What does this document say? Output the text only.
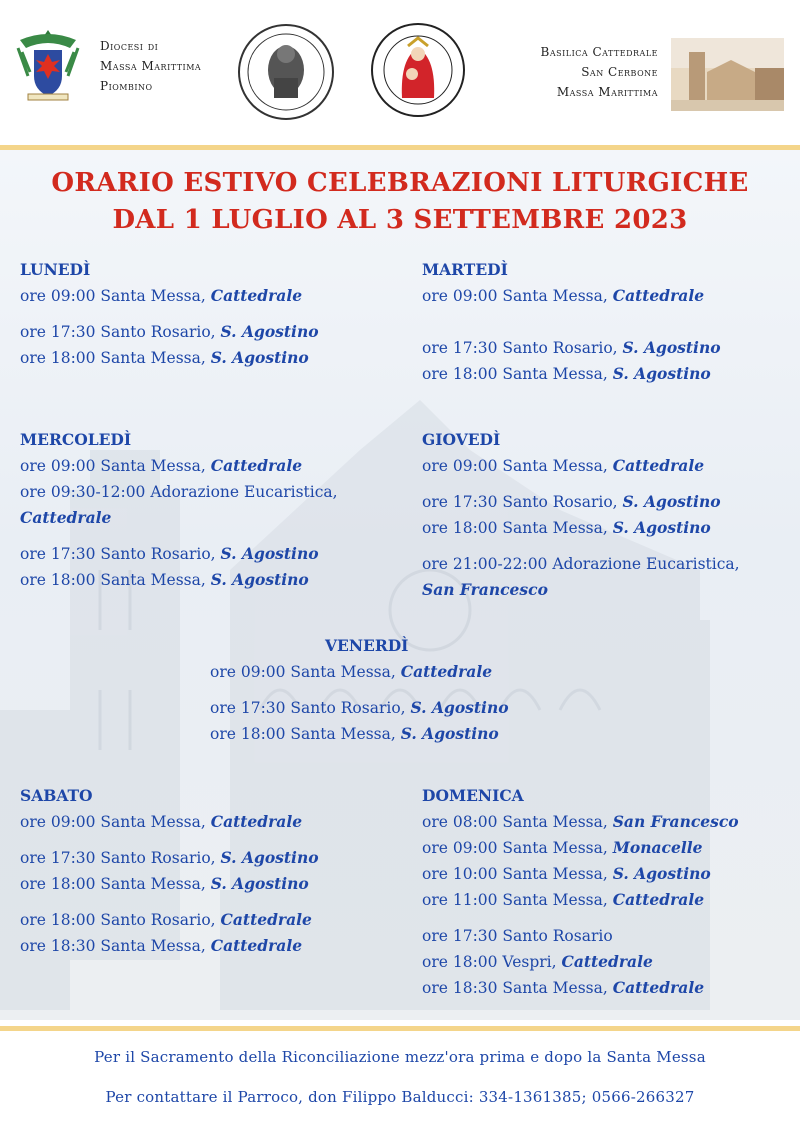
Diocesi di
Massa Marittima
Piombino
Basilica Cattedrale
San Cerbone
Massa Marittima
ORARIO ESTIVO CELEBRAZIONI LITURGICHE
DAL 1 LUGLIO AL 3 SETTEMBRE 2023
LUNEDÌ
ore 09:00 Santa Messa, Cattedrale
ore 17:30 Santo Rosario, S. Agostino
ore 18:00 Santa Messa, S. Agostino
MARTEDÌ
ore 09:00 Santa Messa, Cattedrale
ore 17:30 Santo Rosario, S. Agostino
ore 18:00 Santa Messa, S. Agostino
MERCOLEDÌ
ore 09:00 Santa Messa, Cattedrale
ore 09:30-12:00 Adorazione Eucaristica,
Cattedrale
ore 17:30 Santo Rosario, S. Agostino
ore 18:00 Santa Messa, S. Agostino
GIOVEDÌ
ore 09:00 Santa Messa, Cattedrale
ore 17:30 Santo Rosario, S. Agostino
ore 18:00 Santa Messa, S. Agostino
ore 21:00-22:00 Adorazione Eucaristica,
San Francesco
VENERDÌ
ore 09:00 Santa Messa, Cattedrale
ore 17:30 Santo Rosario, S. Agostino
ore 18:00 Santa Messa, S. Agostino
SABATO
ore 09:00 Santa Messa, Cattedrale
ore 17:30 Santo Rosario, S. Agostino
ore 18:00 Santa Messa, S. Agostino
ore 18:00 Santo Rosario, Cattedrale
ore 18:30 Santa Messa, Cattedrale
DOMENICA
ore 08:00 Santa Messa, San Francesco
ore 09:00 Santa Messa, Monacelle
ore 10:00 Santa Messa, S. Agostino
ore 11:00 Santa Messa, Cattedrale
ore 17:30 Santo Rosario
ore 18:00 Vespri, Cattedrale
ore 18:30 Santa Messa, Cattedrale
Per il Sacramento della Riconciliazione mezz'ora prima e dopo la Santa Messa
Per contattare il Parroco, don Filippo Balducci: 334-1361385; 0566-266327
